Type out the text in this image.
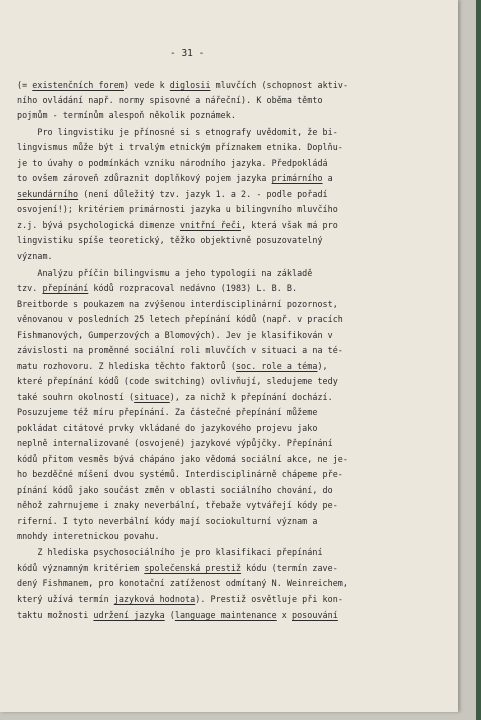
- 31 -
(= existenčních forem) vede k diglosii mluvčích (schopnost aktiv-
ního ovládání např. normy spisovné a nářeční). K oběma těmto
pojmům - termínům alespoň několik poznámek.
Pro lingvistiku je přínosné si s etnografy uvědomit, že bi-
lingvismus může být i trvalým etnickým příznakem etnika. Doplňu-
je to úvahy o podmínkách vzniku národního jazyka. Předpokládá
to ovšem zároveň zdůraznit doplňkový pojem jazyka primárního a
sekundárního (není důležitý tzv. jazyk 1. a 2. - podle pořadí
osvojení!); kritériem primárnosti jazyka u bilingvního mluvčího
z.j. bývá psychologická dimenze vnitřní řeči, která však má pro
lingvistiku spíše teoretický, těžko objektivně posuzovatelný
význam.
Analýzu příčin bilingvismu a jeho typologii na základě
tzv. přepínání kódů rozpracoval nedávno (1983) L. B. B.
Breitborde s poukazem na zvýšenou interdisciplinární pozornost,
věnovanou v posledních 25 letech přepínání kódů (např. v pracích
Fishmanových, Gumperzových a Blomových). Jev je klasifikován v
závislosti na proměnné sociální roli mluvčích v situaci a na té-
matu rozhovoru. Z hlediska těchto faktorů (soc. role a téma),
které přepínání kódů (code switching) ovlivňují, sledujeme tedy
také souhrn okolností (situace), za nichž k přepínání dochází.
Posuzujeme též míru přepínání. Za částečné přepínání můžeme
pokládat citátové prvky vkládané do jazykového projevu jako
neplně internalizované (osvojené) jazykové výpůjčky. Přepínání
kódů přitom vesměs bývá chápáno jako vědomá sociální akce, ne je-
ho bezděčné míšení dvou systémů. Interdisciplinárně chápeme pře-
pínání kódů jako součást změn v oblasti sociálního chování, do
něhož zahrnujeme i znaky neverbální, třebaže vytvářejí kódy pe-
riferní. I tyto neverbální kódy mají sociokulturní význam a
mnohdy interetnickou povahu.
Z hlediska psychosociálního je pro klasifikaci přepínání
kódů významným kritériem společenská prestiž kódu (termín zave-
dený Fishmanem, pro konotační zatíženost odmítaný N. Weinreichem,
který užívá termín jazyková hodnota). Prestiž osvětluje při kon-
taktu možnosti udržení jazyka (language maintenance x posouvání
